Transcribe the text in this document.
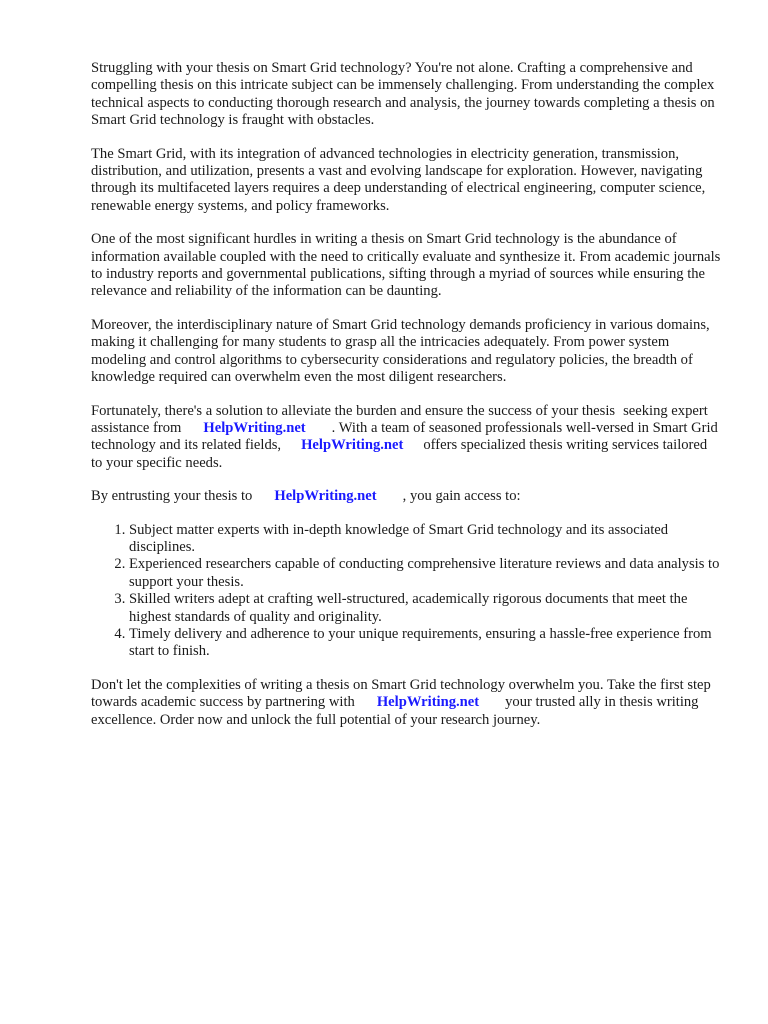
Struggling with your thesis on Smart Grid technology? You're not alone. Crafting a comprehensive and compelling thesis on this intricate subject can be immensely challenging. From understanding the complex technical aspects to conducting thorough research and analysis, the journey towards completing a thesis on Smart Grid technology is fraught with obstacles.

The Smart Grid, with its integration of advanced technologies in electricity generation, transmission, distribution, and utilization, presents a vast and evolving landscape for exploration. However, navigating through its multifaceted layers requires a deep understanding of electrical engineering, computer science, renewable energy systems, and policy frameworks.

One of the most significant hurdles in writing a thesis on Smart Grid technology is the abundance of information available coupled with the need to critically evaluate and synthesize it. From academic journals to industry reports and governmental publications, sifting through a myriad of sources while ensuring the relevance and reliability of the information can be daunting.

Moreover, the interdisciplinary nature of Smart Grid technology demands proficiency in various domains, making it challenging for many students to grasp all the intricacies adequately. From power system modeling and control algorithms to cybersecurity considerations and regulatory policies, the breadth of knowledge required can overwhelm even the most diligent researchers.

Fortunately, there's a solution to alleviate the burden and ensure the success of your thesis seeking expert assistance from HelpWriting.net . With a team of seasoned professionals well-versed in Smart Grid technology and its related fields, HelpWriting.net offers specialized thesis writing services tailored to your specific needs.

By entrusting your thesis to HelpWriting.net , you gain access to:

1. Subject matter experts with in-depth knowledge of Smart Grid technology and its associated disciplines.
2. Experienced researchers capable of conducting comprehensive literature reviews and data analysis to support your thesis.
3. Skilled writers adept at crafting well-structured, academically rigorous documents that meet the highest standards of quality and originality.
4. Timely delivery and adherence to your unique requirements, ensuring a hassle-free experience from start to finish.

Don't let the complexities of writing a thesis on Smart Grid technology overwhelm you. Take the first step towards academic success by partnering with HelpWriting.net your trusted ally in thesis writing excellence. Order now and unlock the full potential of your research journey.
